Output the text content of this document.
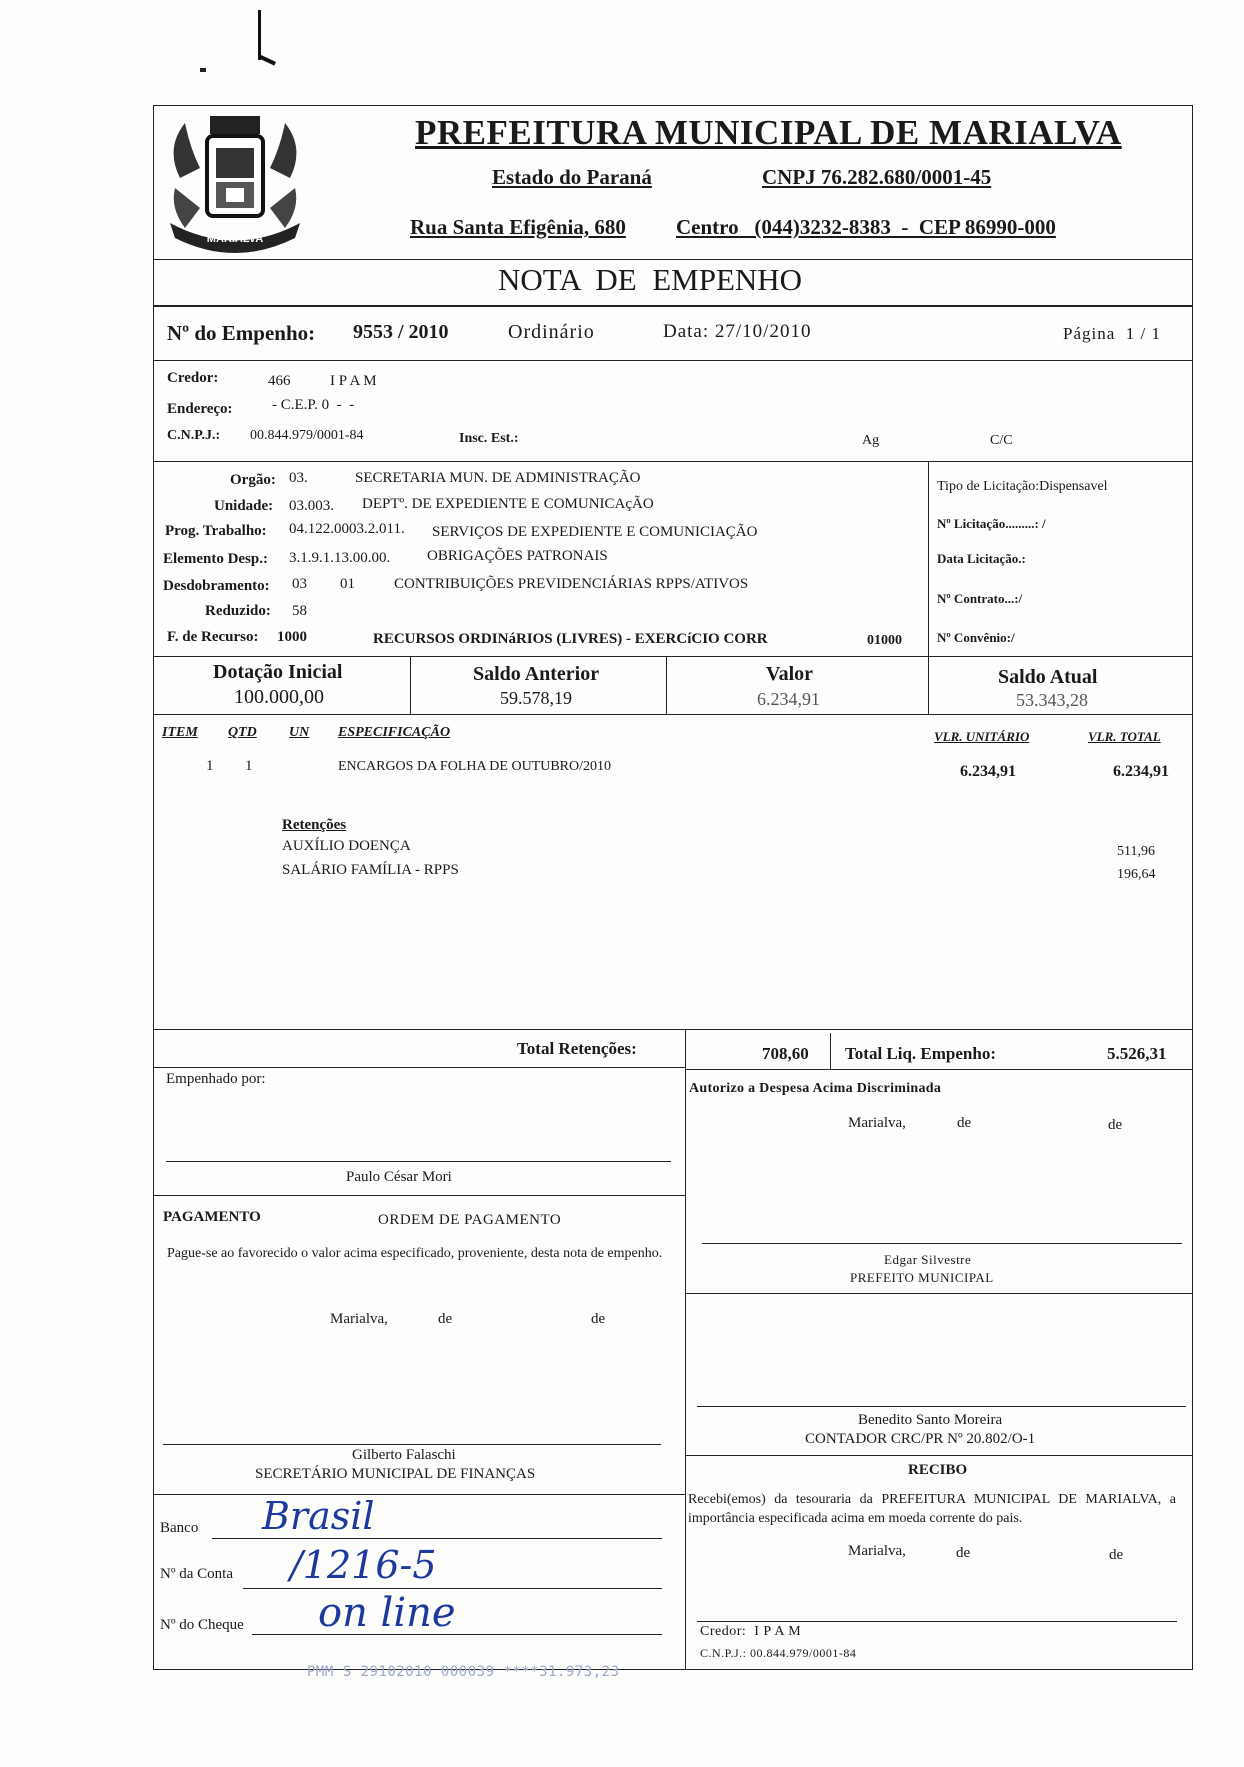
MARIALVA
PREFEITURA MUNICIPAL DE MARIALVA
Estado do Paraná	CNPJ 76.282.680/0001-45
Rua Santa Efigênia, 680 Centro   (044)3232-8383  -  CEP 86990-000
NOTA  DE  EMPENHO
Nº do Empenho: 9553 / 2010	Ordinário	Data: 27/10/2010	Página  1 / 1
Credor:	466	I P A M
Endereço:	- C.E.P. 0  -  -
C.N.P.J.: 00.844.979/0001-84	Insc. Est.:	Ag	C/C
Orgão: 03.	SECRETARIA MUN. DE ADMINISTRAÇÃO
Unidade: 03.003. DEPTº. DE EXPEDIENTE E COMUNICAçÃO
Prog. Trabalho: 04.122.0003.2.011. SERVIÇOS DE EXPEDIENTE E COMUNICIAÇÃO
Elemento Desp.: 3.1.9.1.13.00.00. OBRIGAÇÕES PATRONAIS
Desdobramento: 03 01	CONTRIBUIÇÕES PREVIDENCIÁRIAS RPPS/ATIVOS
Reduzido: 58
F. de Recurso: 1000	RECURSOS ORDINáRIOS (LIVRES) - EXERCíCIO CORR	01000
Tipo de Licitação:Dispensavel
Nº Licitação.........: /
Data Licitação.:
Nº Contrato...:/
Nº Convênio:/
Dotação Inicial
100.000,00
Saldo Anterior
59.578,19
Valor
6.234,91
Saldo Atual
53.343,28
ITEM QTD UN ESPECIFICAÇÃO	VLR. UNITÁRIO	VLR. TOTAL
1 1	ENCARGOS DA FOLHA DE OUTUBRO/2010	6.234,91	6.234,91
Retenções
AUXÍLIO DOENÇA	511,96
SALÁRIO FAMÍLIA - RPPS	196,64
Total Retenções:	708,60 Total Liq. Empenho:	5.526,31
Empenhado por:
Paulo César Mori
PAGAMENTO	ORDEM DE PAGAMENTO
Pague-se ao favorecido o valor acima especificado, proveniente, desta nota de empenho.
Marialva,	de	de
Gilberto Falaschi
SECRETÁRIO MUNICIPAL DE FINANÇAS
Banco Brasil
Nº da Conta /1216-5
Nº do Cheque on line
Autorizo a Despesa Acima Discriminada
Marialva,	de	de
Edgar Silvestre
PREFEITO MUNICIPAL
Benedito Santo Moreira
CONTADOR CRC/PR Nº 20.802/O-1
RECIBO
Recebi(emos) da tesouraria da PREFEITURA MUNICIPAL DE MARIALVA, a importância especificada acima em moeda corrente do pais.
Marialva,	de	de
Credor:  I P A M
C.N.P.J.: 00.844.979/0001-84
PMM S 29102010 000039 ****31.973,23
